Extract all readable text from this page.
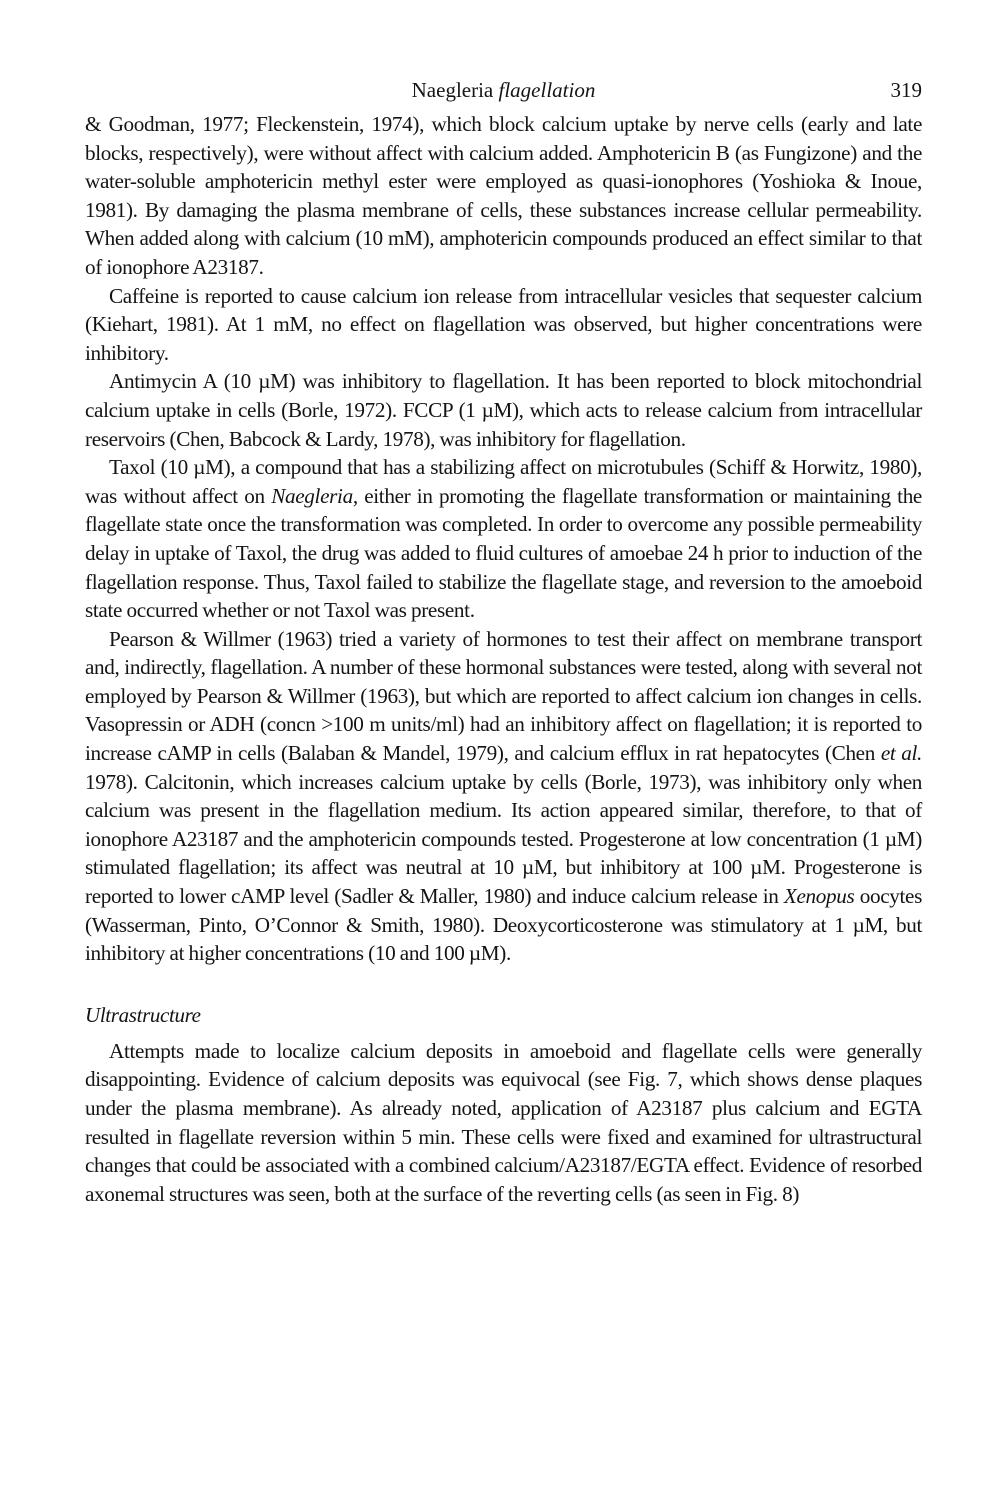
Naegleria flagellation	319

& Goodman, 1977; Fleckenstein, 1974), which block calcium uptake by nerve cells (early and late blocks, respectively), were without affect with calcium added. Amphotericin B (as Fungizone) and the water-soluble amphotericin methyl ester were employed as quasi-ionophores (Yoshioka & Inoue, 1981). By damaging the plasma membrane of cells, these substances increase cellular permeability. When added along with calcium (10 mM), amphotericin compounds produced an effect similar to that of ionophore A23187.

Caffeine is reported to cause calcium ion release from intracellular vesicles that sequester calcium (Kiehart, 1981). At 1 mM, no effect on flagellation was observed, but higher concentrations were inhibitory.

Antimycin A (10 µM) was inhibitory to flagellation. It has been reported to block mitochondrial calcium uptake in cells (Borle, 1972). FCCP (1 µM), which acts to release calcium from intracellular reservoirs (Chen, Babcock & Lardy, 1978), was inhibitory for flagellation.

Taxol (10 µM), a compound that has a stabilizing affect on microtubules (Schiff & Horwitz, 1980), was without affect on Naegleria, either in promoting the flagellate transformation or maintaining the flagellate state once the transformation was completed. In order to overcome any possible permeability delay in uptake of Taxol, the drug was added to fluid cultures of amoebae 24 h prior to induction of the flagellation response. Thus, Taxol failed to stabilize the flagellate stage, and reversion to the amoeboid state occurred whether or not Taxol was present.

Pearson & Willmer (1963) tried a variety of hormones to test their affect on membrane transport and, indirectly, flagellation. A number of these hormonal substances were tested, along with several not employed by Pearson & Willmer (1963), but which are reported to affect calcium ion changes in cells. Vasopressin or ADH (concn >100 m units/ml) had an inhibitory affect on flagellation; it is reported to increase cAMP in cells (Balaban & Mandel, 1979), and calcium efflux in rat hepatocytes (Chen et al. 1978). Calcitonin, which increases calcium uptake by cells (Borle, 1973), was inhibitory only when calcium was present in the flagellation medium. Its action appeared similar, therefore, to that of ionophore A23187 and the amphotericin compounds tested. Progesterone at low concentration (1 µM) stimulated flagellation; its affect was neutral at 10 µM, but inhibitory at 100 µM. Progesterone is reported to lower cAMP level (Sadler & Maller, 1980) and induce calcium release in Xenopus oocytes (Wasserman, Pinto, O’Connor & Smith, 1980). Deoxycorticosterone was stimulatory at 1 µM, but inhibitory at higher concentrations (10 and 100 µM).

Ultrastructure

Attempts made to localize calcium deposits in amoeboid and flagellate cells were generally disappointing. Evidence of calcium deposits was equivocal (see Fig. 7, which shows dense plaques under the plasma membrane). As already noted, application of A23187 plus calcium and EGTA resulted in flagellate reversion within 5 min. These cells were fixed and examined for ultrastructural changes that could be associated with a combined calcium/A23187/EGTA effect. Evidence of resorbed axonemal structures was seen, both at the surface of the reverting cells (as seen in Fig. 8)
